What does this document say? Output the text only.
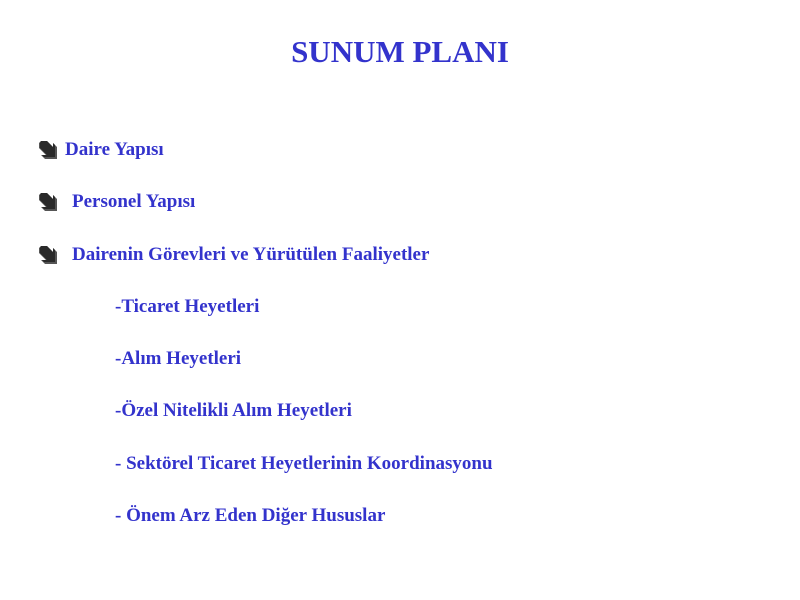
SUNUM PLANI
Daire Yapısı
Personel Yapısı
Dairenin Görevleri ve Yürütülen Faaliyetler
-Ticaret Heyetleri
-Alım Heyetleri
-Özel Nitelikli Alım Heyetleri
- Sektörel Ticaret Heyetlerinin Koordinasyonu
- Önem Arz Eden Diğer Hususlar
